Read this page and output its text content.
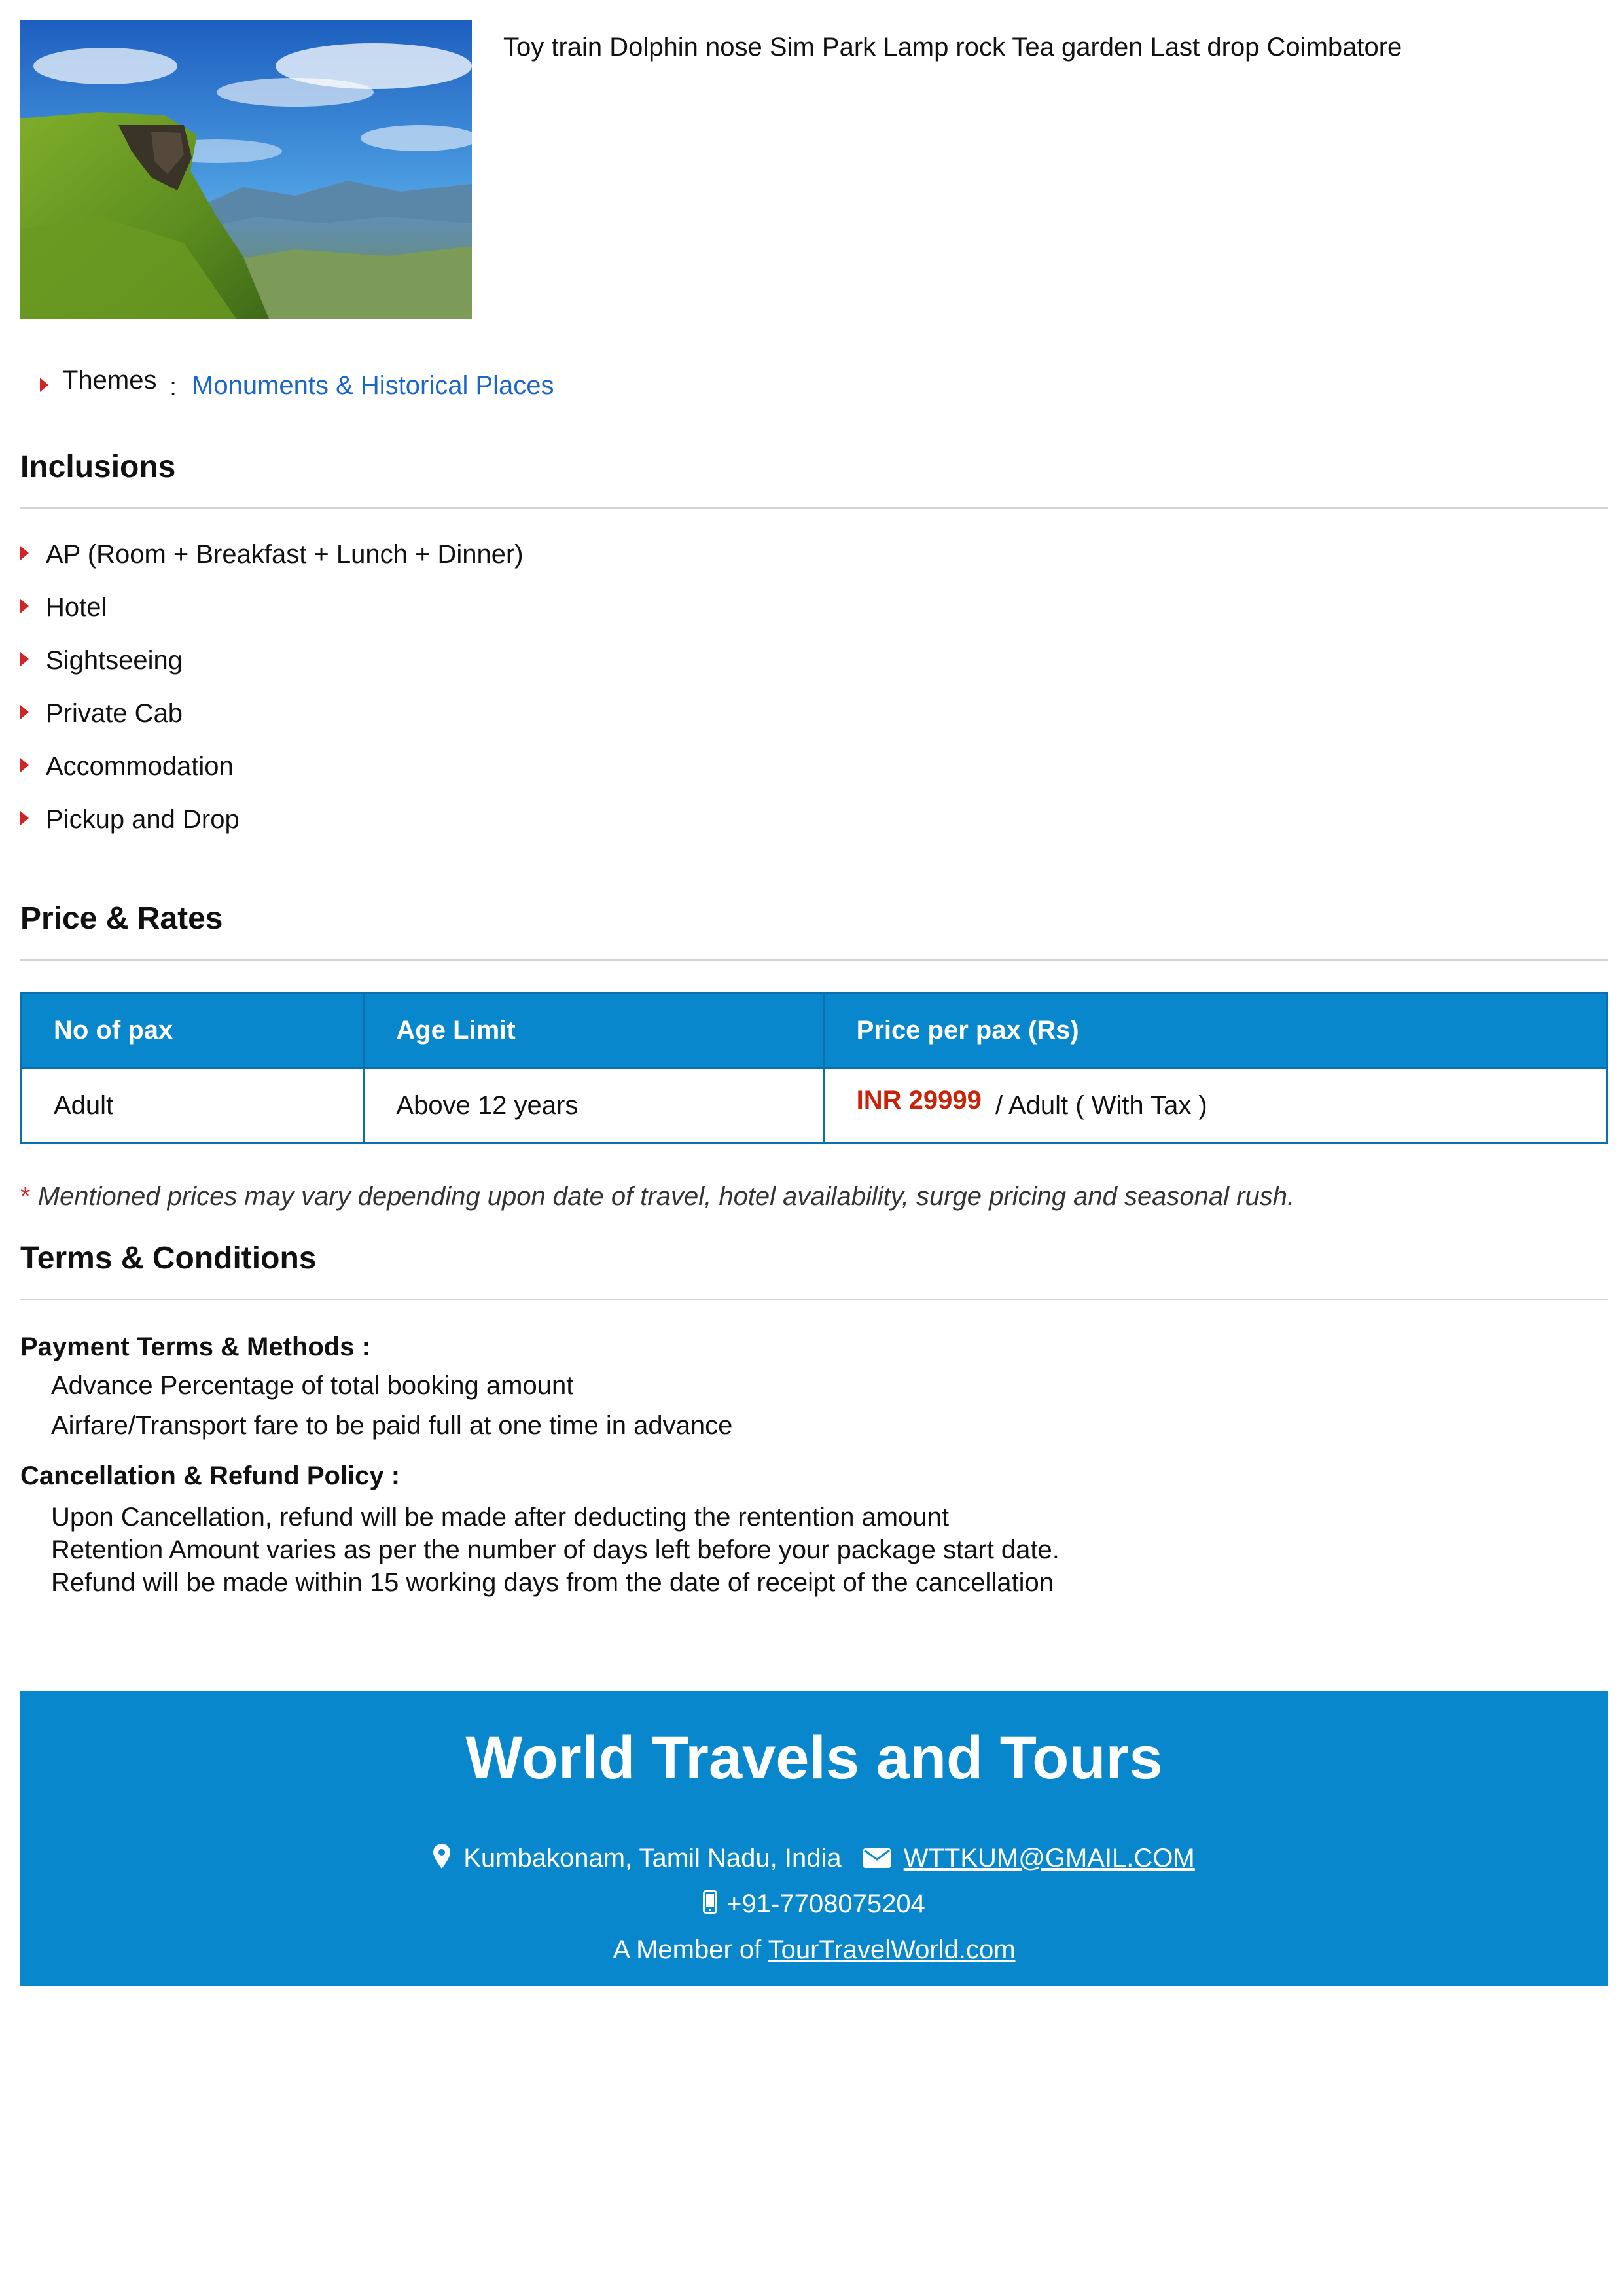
Toy train Dolphin nose Sim Park Lamp rock Tea garden Last drop Coimbatore
Themes : Monuments & Historical Places
Inclusions
AP (Room + Breakfast + Lunch + Dinner)
Hotel
Sightseeing
Private Cab
Accommodation
Pickup and Drop
Price & Rates
No of pax	Age Limit	Price per pax (Rs)
Adult	Above 12 years	INR 29999 / Adult ( With Tax )
* Mentioned prices may vary depending upon date of travel, hotel availability, surge pricing and seasonal rush.
Terms & Conditions
Payment Terms & Methods :
Advance Percentage of total booking amount
Airfare/Transport fare to be paid full at one time in advance
Cancellation & Refund Policy :
Upon Cancellation, refund will be made after deducting the rentention amount
Retention Amount varies as per the number of days left before your package start date.
Refund will be made within 15 working days from the date of receipt of the cancellation
World Travels and Tours
Kumbakonam, Tamil Nadu, India WTTKUM@GMAIL.COM
+91-7708075204
A Member of TourTravelWorld.com
